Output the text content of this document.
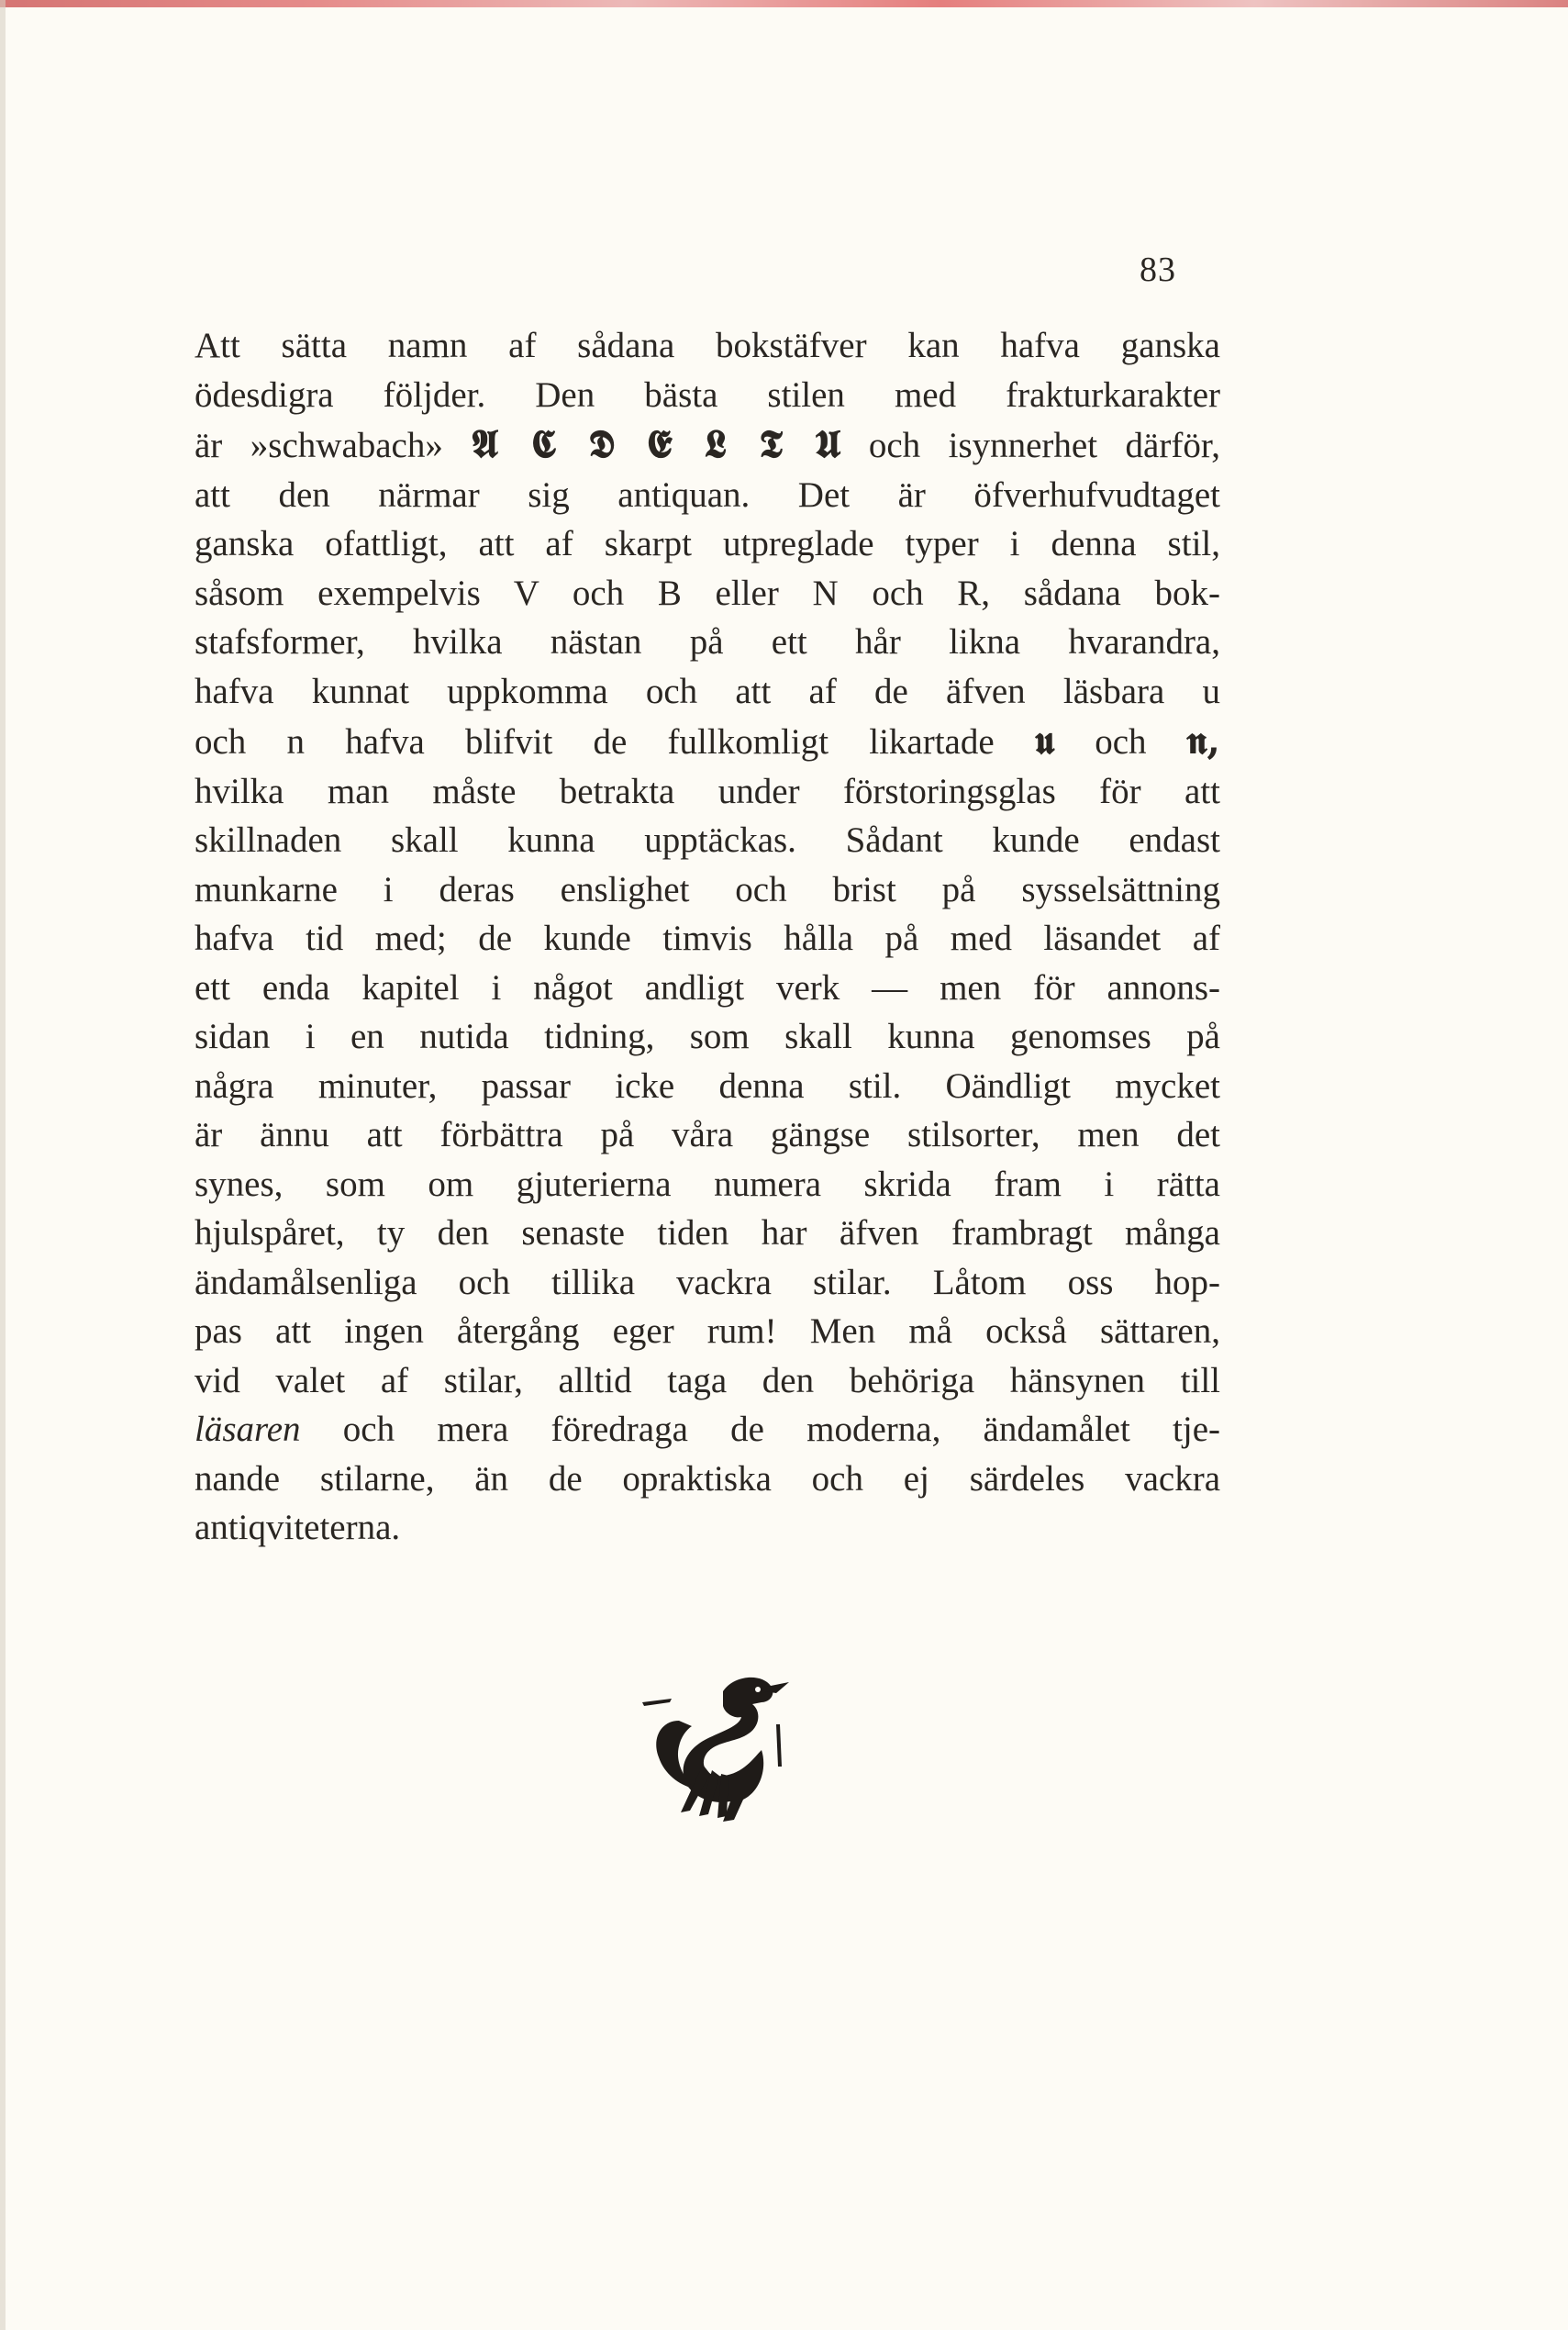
83
Att sätta namn af sådana bokstäfver kan hafva ganska
ödesdigra följder. Den bästa stilen med frakturkarakter
är »schwabach» 𝕬 𝕮 𝕯 𝕰 𝕷 𝕿 𝖀 och isynnerhet därför,
att den närmar sig antiquan. Det är öfverhufvudtaget
ganska ofattligt, att af skarpt utpreglade typer i denna stil,
såsom exempelvis V och B eller N och R, sådana bok-
stafsformer, hvilka nästan på ett hår likna hvarandra,
hafva kunnat uppkomma och att af de äfven läsbara u
och n hafva blifvit de fullkomligt likartade 𝖚 och 𝖓,
hvilka man måste betrakta under förstoringsglas för att
skillnaden skall kunna upptäckas. Sådant kunde endast
munkarne i deras enslighet och brist på sysselsättning
hafva tid med; de kunde timvis hålla på med läsandet af
ett enda kapitel i något andligt verk — men för annons-
sidan i en nutida tidning, som skall kunna genomses på
några minuter, passar icke denna stil. Oändligt mycket
är ännu att förbättra på våra gängse stilsorter, men det
synes, som om gjuterierna numera skrida fram i rätta
hjulspåret, ty den senaste tiden har äfven frambragt många
ändamålsenliga och tillika vackra stilar. Låtom oss hop-
pas att ingen återgång eger rum! Men må också sättaren,
vid valet af stilar, alltid taga den behöriga hänsynen till
läsaren och mera föredraga de moderna, ändamålet tje-
nande stilarne, än de opraktiska och ej särdeles vackra
antiqviteterna.
